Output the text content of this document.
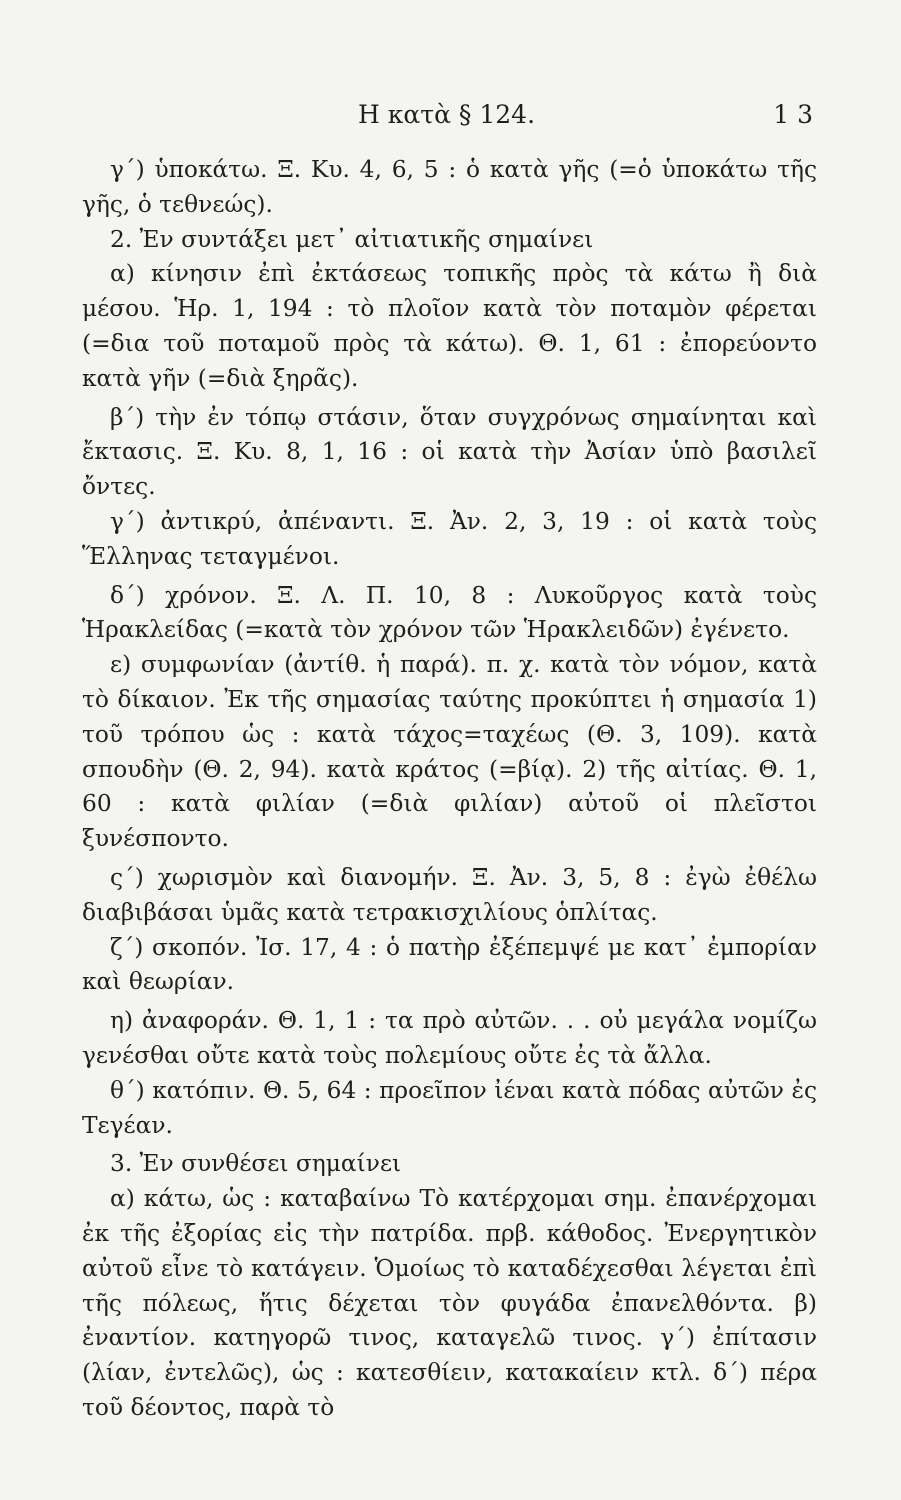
Η κατὰ § 124.	1 3

γ΄) ὑποκάτω. Ξ. Κυ. 4, 6, 5 : ὁ κατὰ γῆς (=ὁ ὑποκάτω τῆς γῆς, ὁ τεθνεώς).

2. Ἐν συντάξει μετ᾽ αἰτιατικῆς σημαίνει

α) κίνησιν ἐπὶ ἐκτάσεως τοπικῆς πρὸς τὰ κάτω ἢ διὰ μέσου. Ἡρ. 1, 194 : τὸ πλοῖον κατὰ τὸν ποταμὸν φέρεται (=δια τοῦ ποταμοῦ πρὸς τὰ κάτω). Θ. 1, 61 : ἐπορεύοντο κατὰ γῆν (=διὰ ξηρᾶς).

β΄) τὴν ἐν τόπῳ στάσιν, ὅταν συγχρόνως σημαίνηται καὶ ἔκτασις. Ξ. Κυ. 8, 1, 16 : οἱ κατὰ τὴν Ἀσίαν ὑπὸ βασιλεῖ ὄντες.

γ΄) ἀντικρύ, ἀπέναντι. Ξ. Ἀν. 2, 3, 19 : οἱ κατὰ τοὺς Ἕλληνας τεταγμένοι.

δ΄) χρόνον. Ξ. Λ. Π. 10, 8 : Λυκοῦργος κατὰ τοὺς Ἡρακλείδας (=κατὰ τὸν χρόνον τῶν Ἡρακλειδῶν) ἐγένετο.

ε) συμφωνίαν (ἀντίθ. ἡ παρά). π. χ. κατὰ τὸν νόμον, κατὰ τὸ δίκαιον. Ἐκ τῆς σημασίας ταύτης προκύπτει ἡ σημασία 1) τοῦ τρόπου ὡς : κατὰ τάχος=ταχέως (Θ. 3, 109). κατὰ σπουδὴν (Θ. 2, 94). κατὰ κράτος (=βίᾳ). 2) τῆς αἰτίας. Θ. 1, 60 : κατὰ φιλίαν (=διὰ φιλίαν) αὐτοῦ οἱ πλεῖστοι ξυνέσποντο.

ς΄) χωρισμὸν καὶ διανομήν. Ξ. Ἀν. 3, 5, 8 : ἐγὼ ἐθέλω διαβιβάσαι ὑμᾶς κατὰ τετρακισχιλίους ὁπλίτας.

ζ΄) σκοπόν. Ἰσ. 17, 4 : ὁ πατὴρ ἐξέπεμψέ με κατ᾽ ἐμπορίαν καὶ θεωρίαν.

η) ἀναφοράν. Θ. 1, 1 : τα πρὸ αὐτῶν. . . οὐ μεγάλα νομίζω γενέσθαι οὔτε κατὰ τοὺς πολεμίους οὔτε ἐς τὰ ἄλλα.

θ΄) κατόπιν. Θ. 5, 64 : προεῖπον ἰέναι κατὰ πόδας αὐτῶν ἐς Τεγέαν.

3. Ἐν συνθέσει σημαίνει

α) κάτω, ὡς : καταβαίνω Τὸ κατέρχομαι σημ. ἐπανέρχομαι ἐκ τῆς ἐξορίας εἰς τὴν πατρίδα. πρβ. κάθοδος. Ἐνεργητικὸν αὐτοῦ εἶνε τὸ κατάγειν. Ὁμοίως τὸ καταδέχεσθαι λέγεται ἐπὶ τῆς πόλεως, ἥτις δέχεται τὸν φυγάδα ἐπανελθόντα. β) ἐναντίον. κατηγορῶ τινος, καταγελῶ τινος. γ΄) ἐπίτασιν (λίαν, ἐντελῶς), ὡς : κατεσθίειν, κατακαίειν κτλ. δ΄) πέρα τοῦ δέοντος, παρὰ τὸ
